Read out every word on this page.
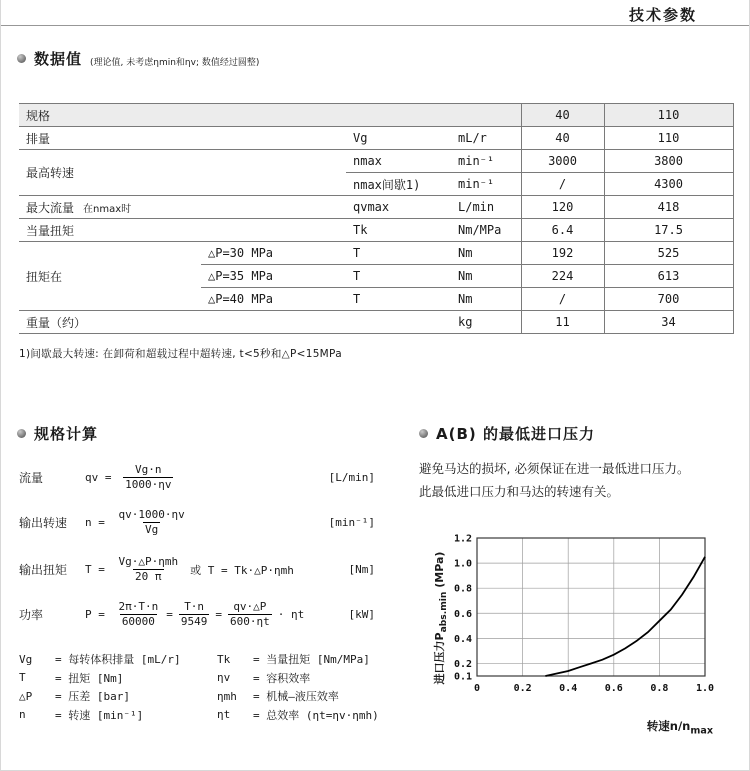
技术参数
数据值 (理论值, 未考虑ηmin和ηv; 数值经过圆整)
规格				40	110
排量		Vg	mL/r	40	110
最高转速		nmax	min⁻¹	3000	3800
		nmax间歇1)	min⁻¹	/	4300
最大流量 在nmax时		qvmax	L/min	120	418
当量扭矩		Tk	Nm/MPa	6.4	17.5
扭矩在	△P=30 MPa	T	Nm	192	525
	△P=35 MPa	T	Nm	224	613
	△P=40 MPa	T	Nm	/	700
重量（约）			kg	11	34
1)间歇最大转速: 在卸荷和超载过程中超转速, t<5秒和△P<15MPa
规格计算
流量	qv = $\frac{Vg\cdot n}{1000\cdot\eta v}$	[L/min]
输出转速	$n = \frac{qv\cdot 1000\cdot\eta v}{Vg}$	[min⁻¹]
输出扭矩	$T = \frac{\text{Vg·△P·ηmh}}{20 \pi}$ 或 T = Tk·△P·ηmh	[Nm]
功率	$P = \frac{2\pi\cdot T\cdot n}{60000} = \frac{T\cdot n}{9549} = \frac{qv\cdot\triangle P}{600\cdot\eta t} \cdot \eta t$	[kW]
Vg	= 每转体积排量 [mL/r]
T	= 扭矩 [Nm]
△P	= 压差 [bar]
n	= 转速 [min⁻¹]
Tk	= 当量扭矩 [Nm/MPa]
ηv	= 容积效率
ηmh	= 机械—液压效率
ηt	= 总效率 (ηt=ηv·ηmh)
A(B) 的最低进口压力
避免马达的损坏, 必须保证在进一最低进口压力。
此最低进口压力和马达的转速有关。
进口压力$P_{abs.min}$ (MPa)
0.1
0.2
0.4
0.6
0.8
1.0
1.2
0	0.2	0.4	0.6	0.8	1.0
转速$n/n_{max}$
